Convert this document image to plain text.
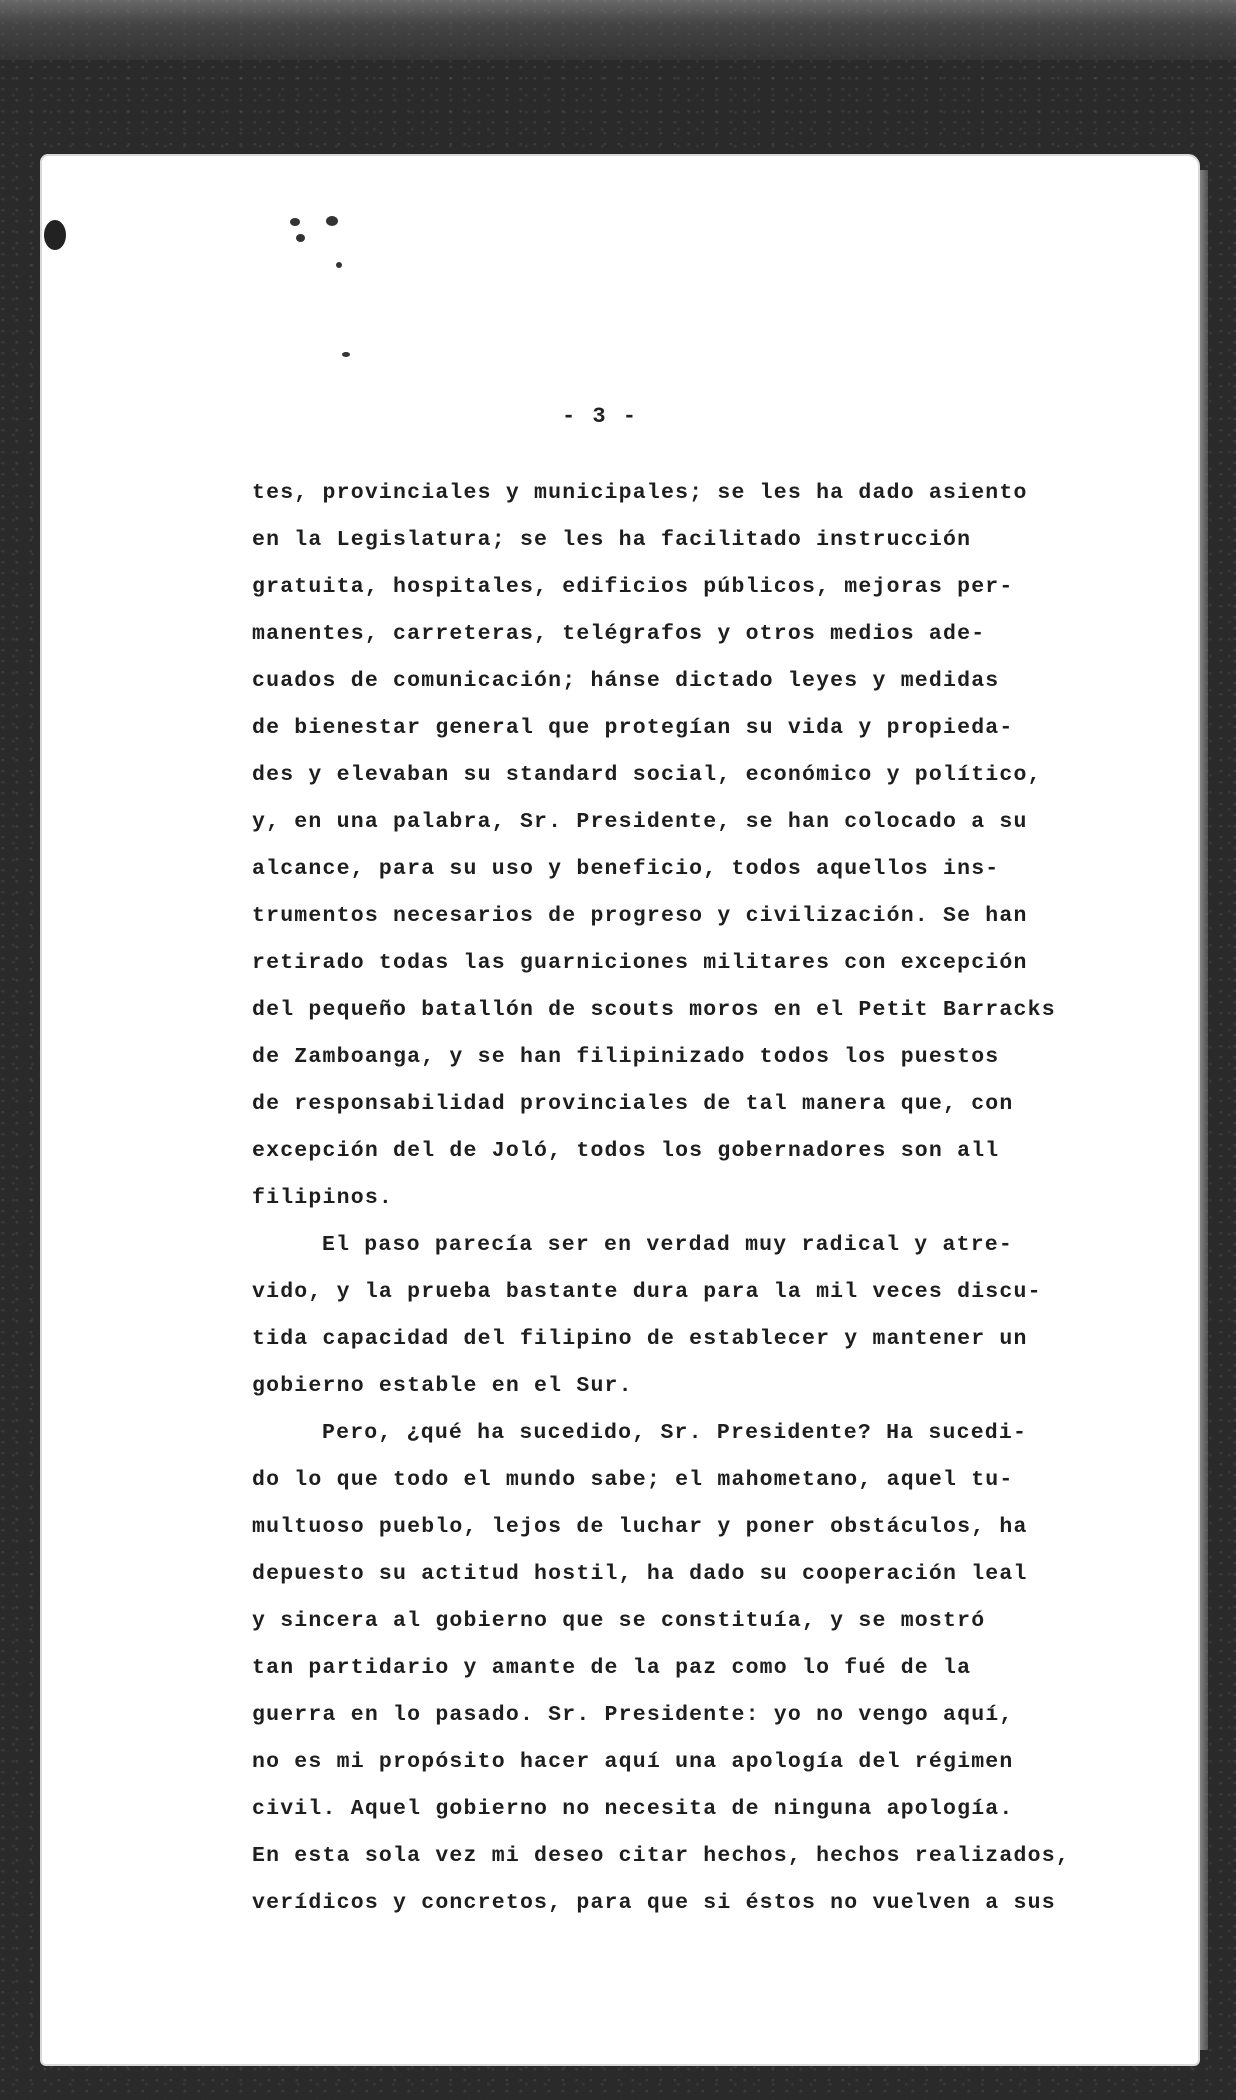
- 3 -
tes, provinciales y municipales; se les ha dado asiento
en la Legislatura; se les ha facilitado instrucción
gratuita, hospitales, edificios públicos, mejoras per-
manentes, carreteras, telégrafos y otros medios ade-
cuados de comunicación; hánse dictado leyes y medidas
de bienestar general que protegían su vida y propieda-
des y elevaban su standard social, económico y político,
y, en una palabra, Sr. Presidente, se han colocado a su
alcance, para su uso y beneficio, todos aquellos ins-
trumentos necesarios de progreso y civilización. Se han
retirado todas las guarniciones militares con excepción
del pequeño batallón de scouts moros en el Petit Barracks
de Zamboanga, y se han filipinizado todos los puestos
de responsabilidad provinciales de tal manera que, con
excepción del de Joló, todos los gobernadores son all
filipinos.
El paso parecía ser en verdad muy radical y atre-
vido, y la prueba bastante dura para la mil veces discu-
tida capacidad del filipino de establecer y mantener un
gobierno estable en el Sur.
Pero, ¿qué ha sucedido, Sr. Presidente? Ha sucedi-
do lo que todo el mundo sabe; el mahometano, aquel tu-
multuoso pueblo, lejos de luchar y poner obstáculos, ha
depuesto su actitud hostil, ha dado su cooperación leal
y sincera al gobierno que se constituía, y se mostró
tan partidario y amante de la paz como lo fué de la
guerra en lo pasado. Sr. Presidente: yo no vengo aquí,
no es mi propósito hacer aquí una apología del régimen
civil. Aquel gobierno no necesita de ninguna apología.
En esta sola vez mi deseo citar hechos, hechos realizados,
verídicos y concretos, para que si éstos no vuelven a sus
